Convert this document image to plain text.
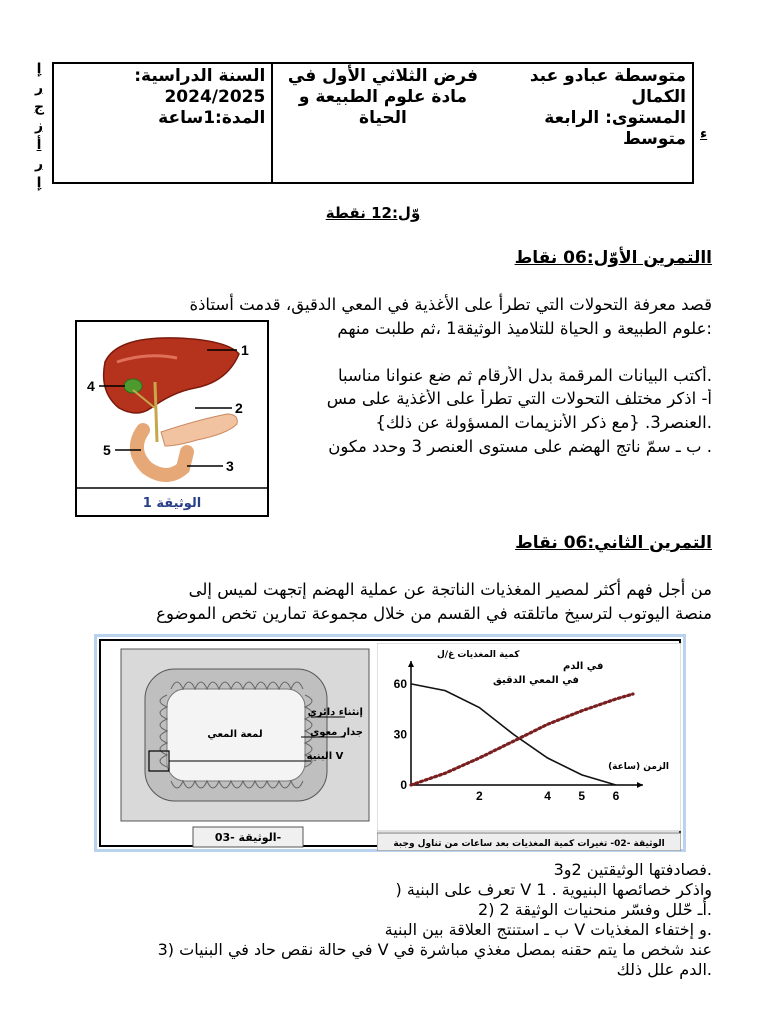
إ
ر
ج
ز
أ
ر
إ
ء
السنة الدراسية:
2024/2025
المدة:1ساعة
فرض الثلاثي الأول في مادة علوم الطبيعة و الحياة
متوسطة عبادو عبد الكمال
المستوى: الرابعة متوسط
وّل:12 نقطة
االتمرين الأوّل:06 نقاط
قصد معرفة التحولات التي تطرأ على الأغذية في المعي الدقيق، قدمت أستاذة
:علوم الطبيعة و الحياة للتلاميذ الوثيقة1 ،ثم طلبت منهم
.أكتب البيانات المرقمة بدل الأرقام ثم ضع عنوانا مناسبا
أ- اذكر مختلف التحولات التي تطرأ على الأغذية على مس
.العنصر3. {مع ذكر الأنزيمات المسؤولة عن ذلك}
. ب ـ سمّ ناتج الهضم على مستوى العنصر 3 وحدد مكون
1
2
3
4
5
الوثيقة 1
التمرين الثاني:06 نقاط
من أجل فهم أكثر لمصير المغذيات الناتجة عن عملية الهضم إتجهت لميس إلى
منصة اليوتوب لترسيخ ماتلقته في القسم من خلال مجموعة تمارين تخص الموضوع
إنثناء دائري
جدار معوي
لمعة المعي
البنية V
الوثيقة -03-
2	4 5 6
0
30
60
كمية المغذيات غ/ل
الزمن (ساعة)
في الدم
في المعي الدقيق
الوثيقة -02- تغيرات كمية المغذيات بعد ساعات من تناول وجبة
.فصادفتها الوثيقتين 2و3
واذكر خصائصها البنيوية . 1 V تعرف على البنية (
.أـ حّلل وفسّر منحنيات الوثيقة 2 (2
.و إختفاء المغذيات V ب ـ استنتج العلاقة بين البنية
عند شخص ما يتم حقنه بمصل مغذي مباشرة في V في حالة نقص حاد في البنيات (3
.الدم علل ذلك
